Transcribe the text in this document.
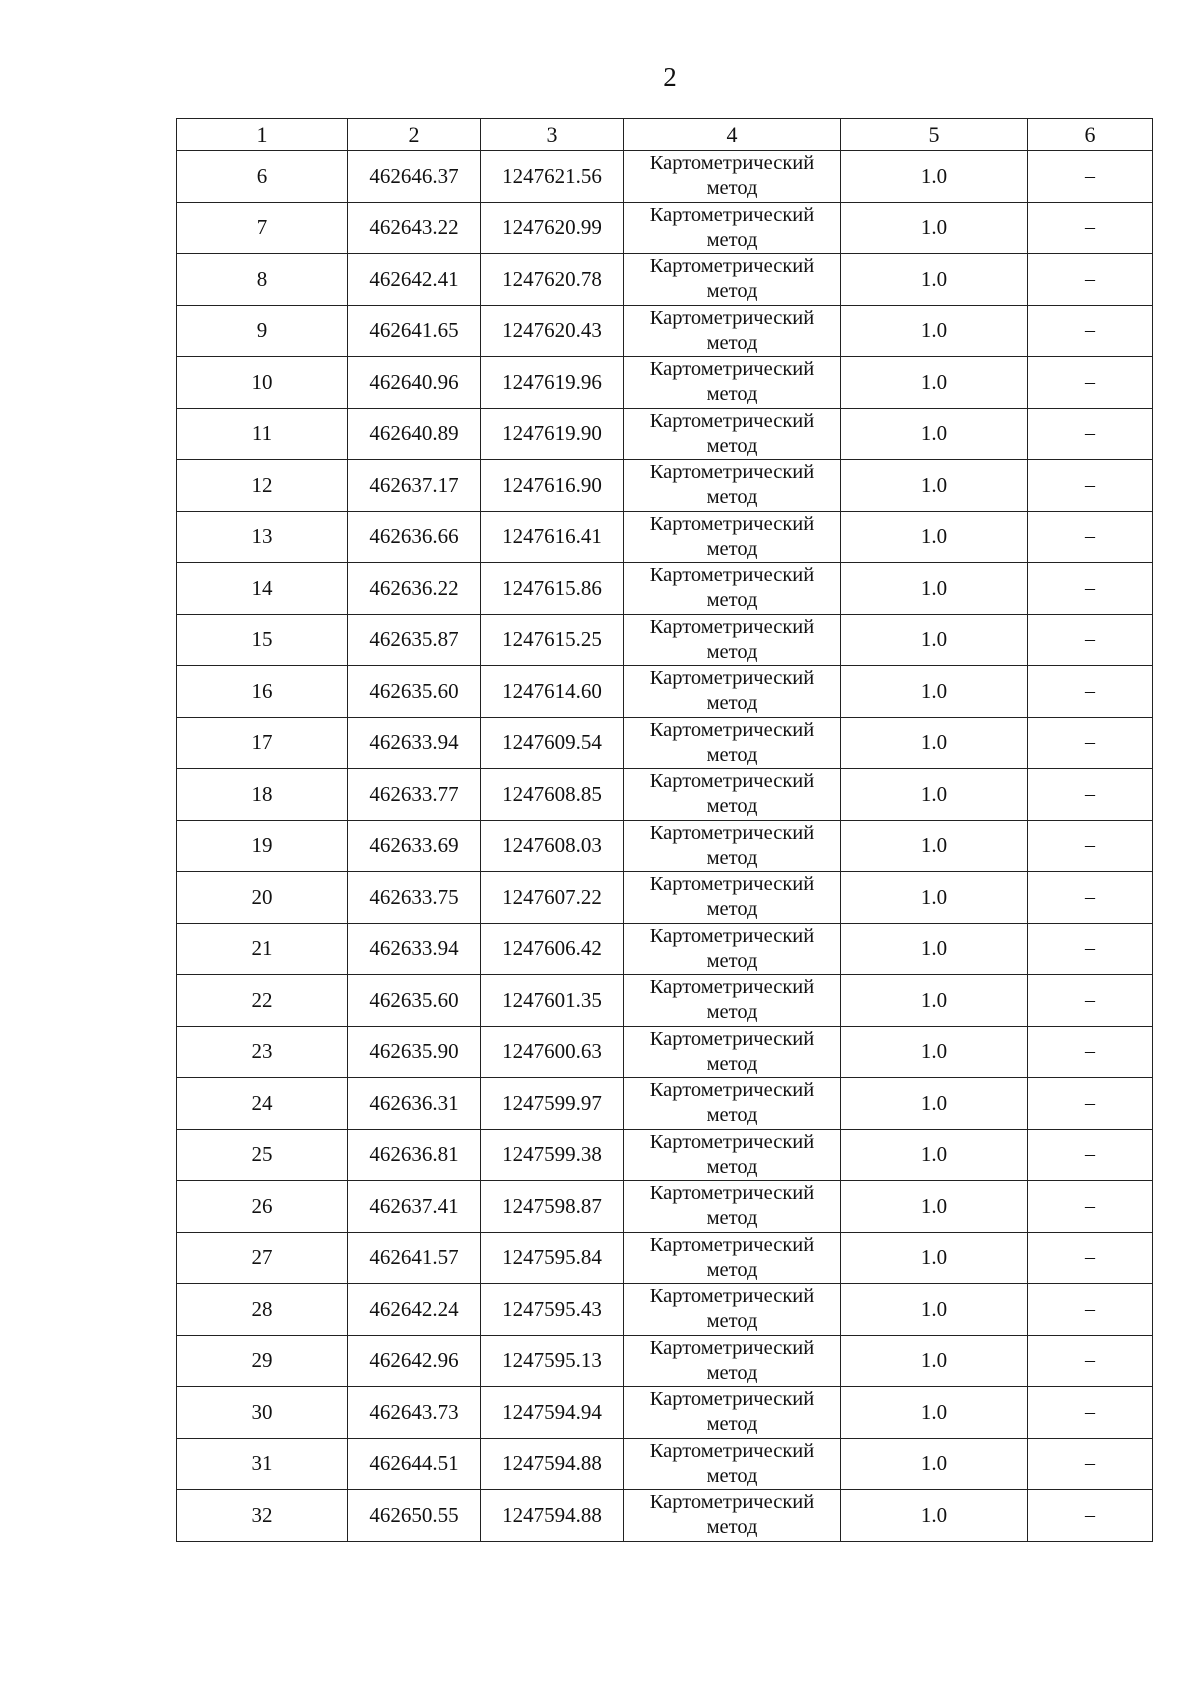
2
1	2	3	4	5	6
6	462646.37	1247621.56	Картометрический метод	1.0	–
7	462643.22	1247620.99	Картометрический метод	1.0	–
8	462642.41	1247620.78	Картометрический метод	1.0	–
9	462641.65	1247620.43	Картометрический метод	1.0	–
10	462640.96	1247619.96	Картометрический метод	1.0	–
11	462640.89	1247619.90	Картометрический метод	1.0	–
12	462637.17	1247616.90	Картометрический метод	1.0	–
13	462636.66	1247616.41	Картометрический метод	1.0	–
14	462636.22	1247615.86	Картометрический метод	1.0	–
15	462635.87	1247615.25	Картометрический метод	1.0	–
16	462635.60	1247614.60	Картометрический метод	1.0	–
17	462633.94	1247609.54	Картометрический метод	1.0	–
18	462633.77	1247608.85	Картометрический метод	1.0	–
19	462633.69	1247608.03	Картометрический метод	1.0	–
20	462633.75	1247607.22	Картометрический метод	1.0	–
21	462633.94	1247606.42	Картометрический метод	1.0	–
22	462635.60	1247601.35	Картометрический метод	1.0	–
23	462635.90	1247600.63	Картометрический метод	1.0	–
24	462636.31	1247599.97	Картометрический метод	1.0	–
25	462636.81	1247599.38	Картометрический метод	1.0	–
26	462637.41	1247598.87	Картометрический метод	1.0	–
27	462641.57	1247595.84	Картометрический метод	1.0	–
28	462642.24	1247595.43	Картометрический метод	1.0	–
29	462642.96	1247595.13	Картометрический метод	1.0	–
30	462643.73	1247594.94	Картометрический метод	1.0	–
31	462644.51	1247594.88	Картометрический метод	1.0	–
32	462650.55	1247594.88	Картометрический метод	1.0	–
